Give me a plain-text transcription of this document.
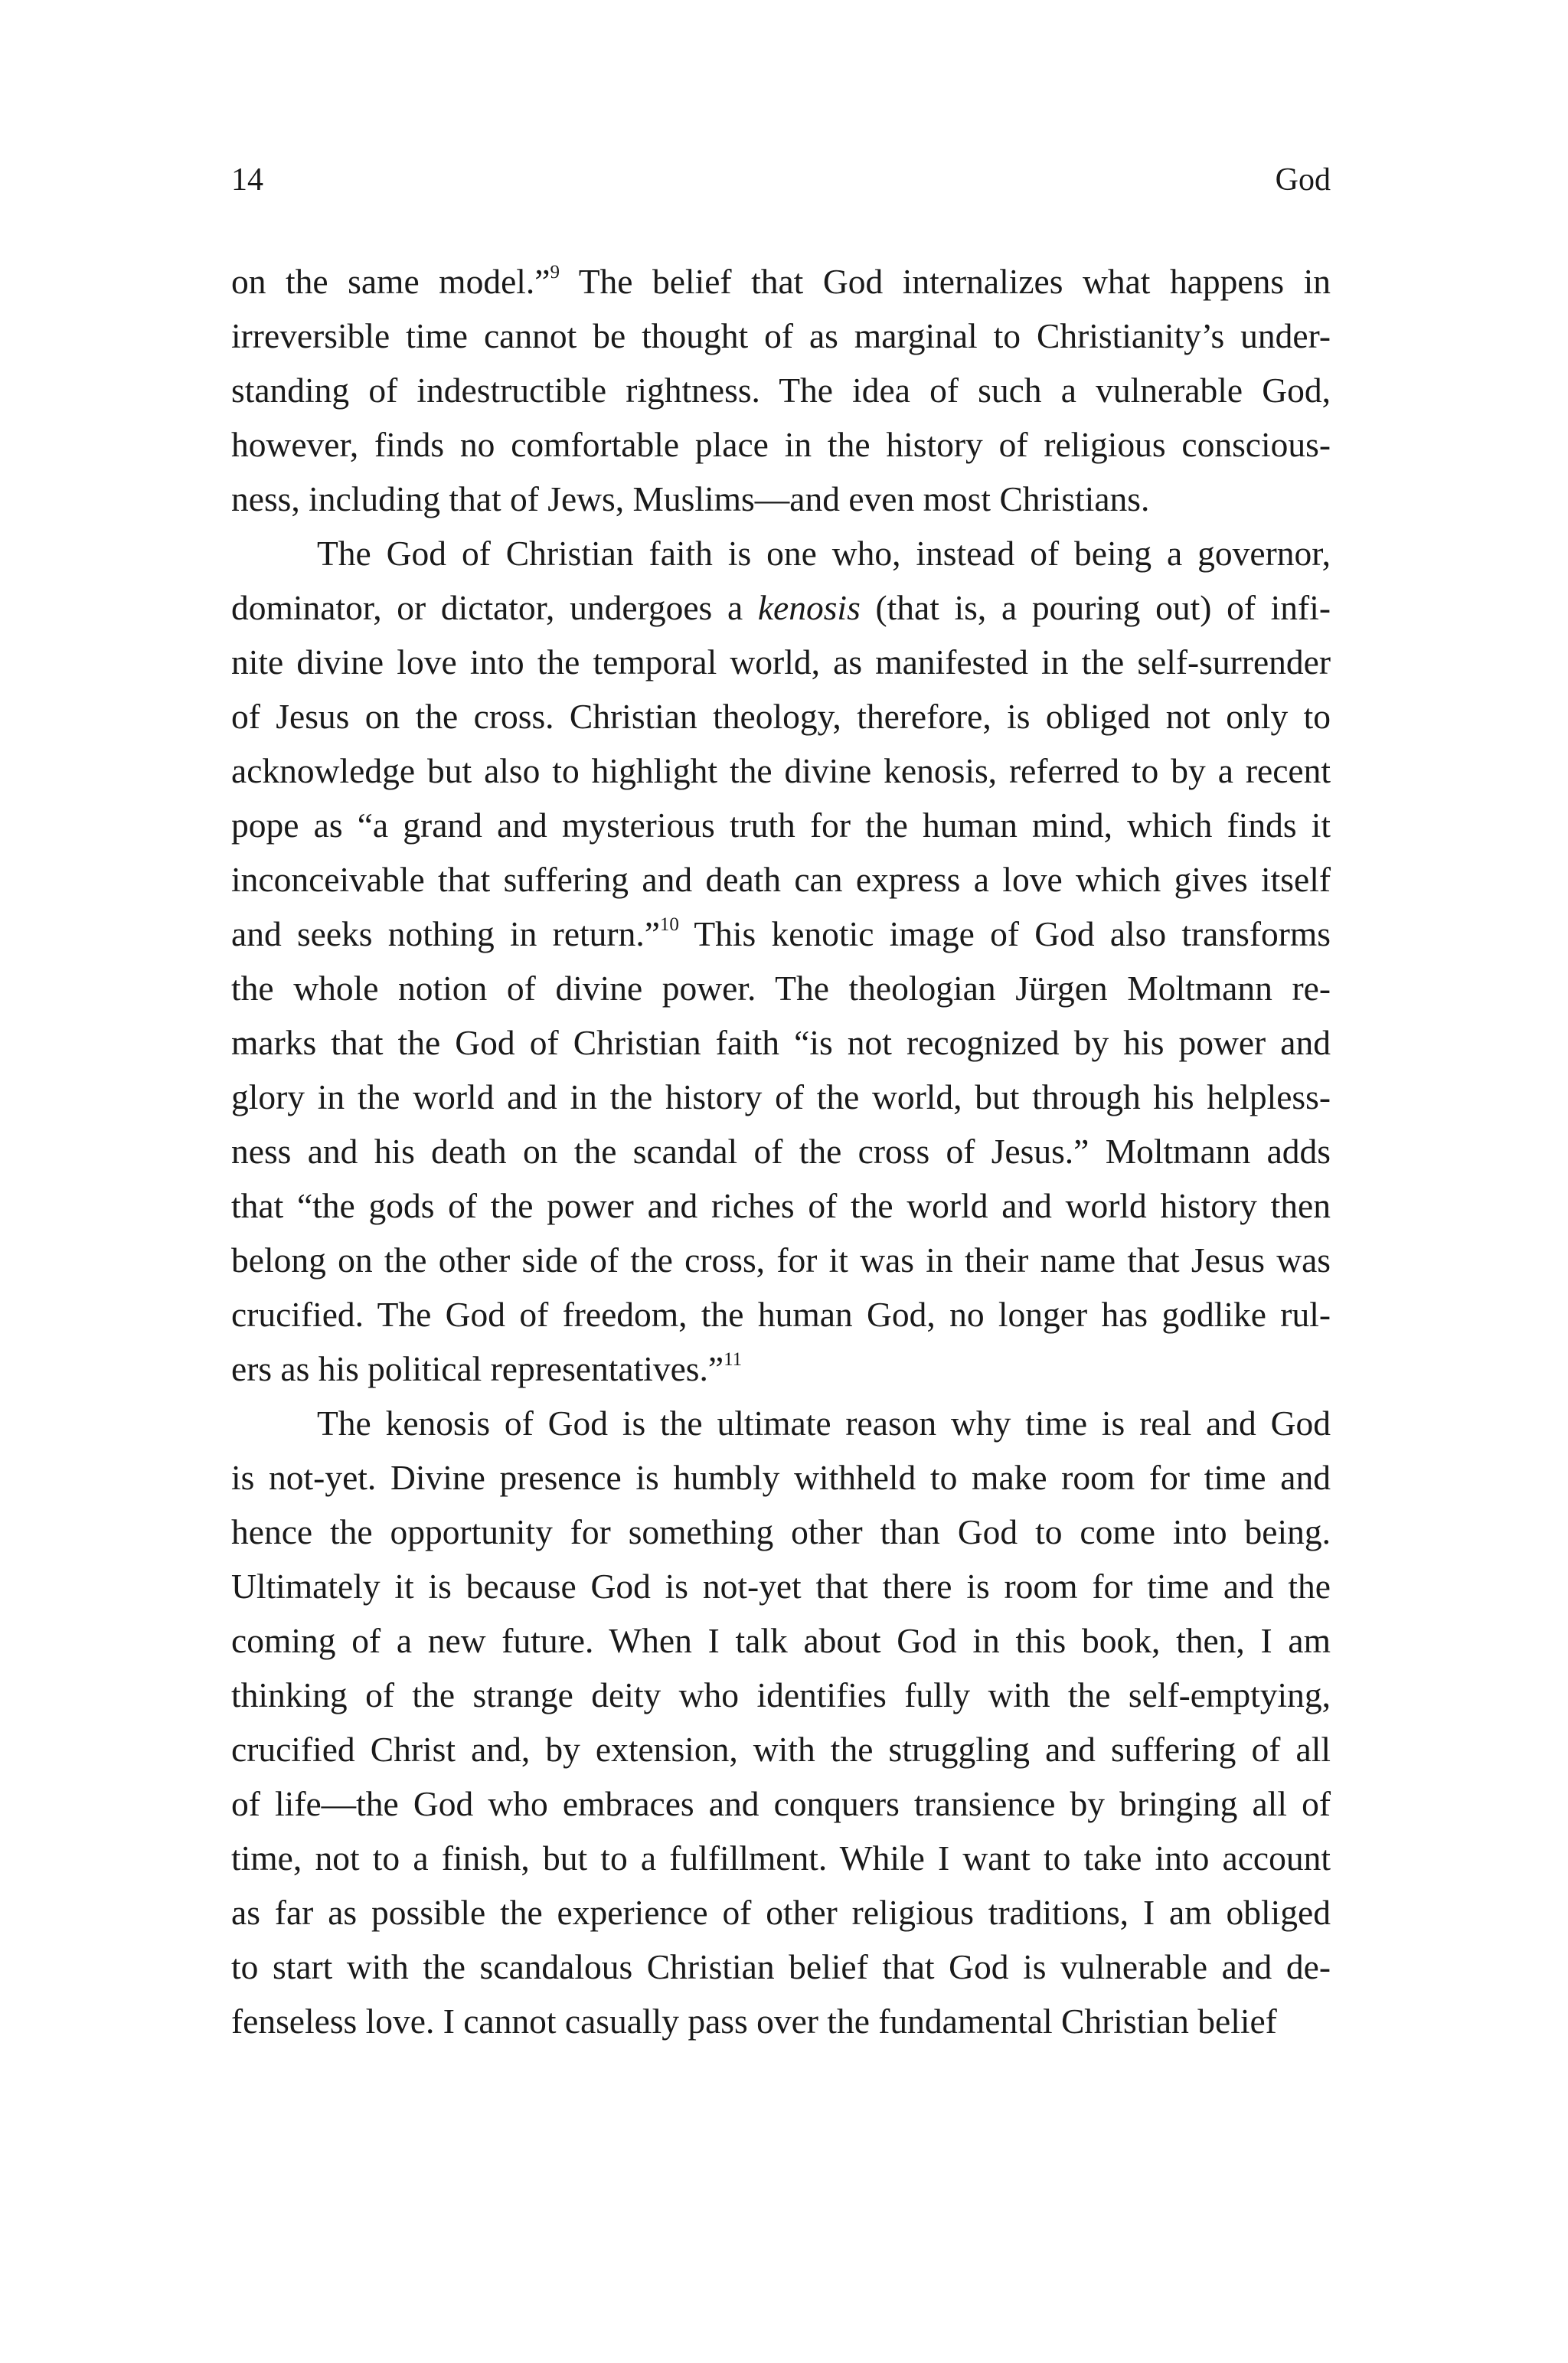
14	God
on the same model.”$^9$ The belief that God internalizes what happens in
irreversible time cannot be thought of as marginal to Christianity’s under-
standing of indestructible rightness. The idea of such a vulnerable God,
however, finds no comfortable place in the history of religious conscious-
ness, including that of Jews, Muslims—and even most Christians.
The God of Christian faith is one who, instead of being a governor,
dominator, or dictator, undergoes a kenosis (that is, a pouring out) of infi-
nite divine love into the temporal world, as manifested in the self-surrender
of Jesus on the cross. Christian theology, therefore, is obliged not only to
acknowledge but also to highlight the divine kenosis, referred to by a recent
pope as “a grand and mysterious truth for the human mind, which finds it
inconceivable that suffering and death can express a love which gives itself
and seeks nothing in return.”$^{10}$ This kenotic image of God also transforms
the whole notion of divine power. The theologian Jürgen Moltmann re-
marks that the God of Christian faith “is not recognized by his power and
glory in the world and in the history of the world, but through his helpless-
ness and his death on the scandal of the cross of Jesus.” Moltmann adds
that “the gods of the power and riches of the world and world history then
belong on the other side of the cross, for it was in their name that Jesus was
crucified. The God of freedom, the human God, no longer has godlike rul-
ers as his political representatives.”$^{11}$
The kenosis of God is the ultimate reason why time is real and God
is not-yet. Divine presence is humbly withheld to make room for time and
hence the opportunity for something other than God to come into being.
Ultimately it is because God is not-yet that there is room for time and the
coming of a new future. When I talk about God in this book, then, I am
thinking of the strange deity who identifies fully with the self-emptying,
crucified Christ and, by extension, with the struggling and suffering of all
of life—the God who embraces and conquers transience by bringing all of
time, not to a finish, but to a fulfillment. While I want to take into account
as far as possible the experience of other religious traditions, I am obliged
to start with the scandalous Christian belief that God is vulnerable and de-
fenseless love. I cannot casually pass over the fundamental Christian belief
